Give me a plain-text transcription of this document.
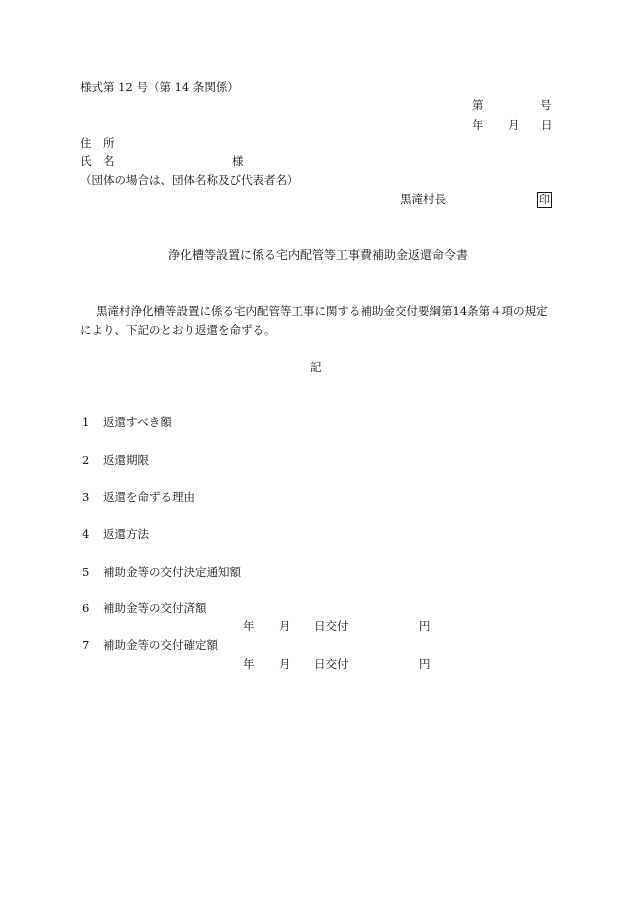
様式第 12 号（第 14 条関係）
第	号
年 月 日
住　所
氏　名	様
（団体の場合は、団体名称及び代表者名）
黒滝村長	印
浄化槽等設置に係る宅内配管等工事費補助金返還命令書
黒滝村浄化槽等設置に係る宅内配管等工事に関する補助金交付要綱第14条第４項の規定
により、下記のとおり返還を命ずる。
記
1 返還すべき額
2 返還期限
3 返還を命ずる理由
4 返還方法
5 補助金等の交付決定通知額
6 補助金等の交付済額
年 月 日交付	円
7 補助金等の交付確定額
年 月 日交付	円
